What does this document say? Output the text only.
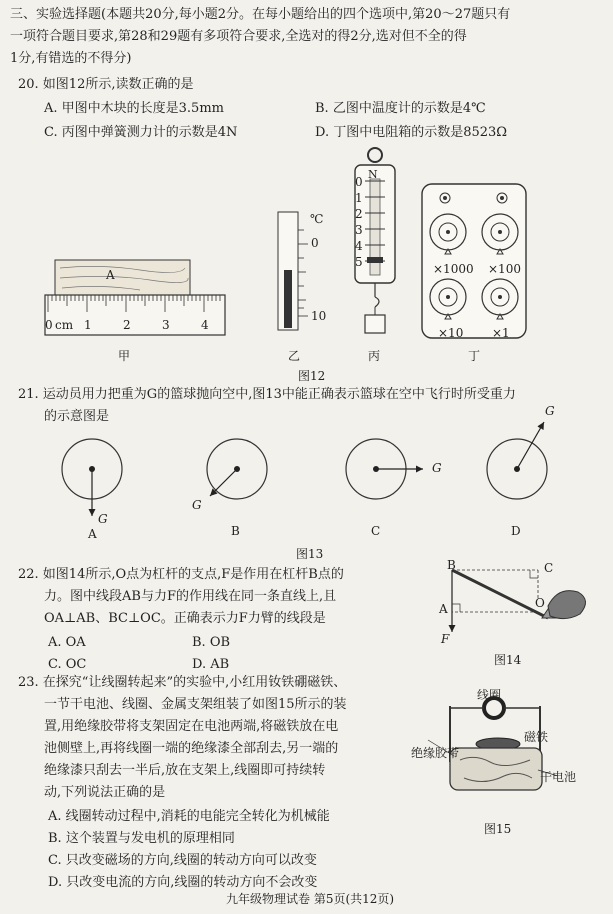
三、实验选择题(本题共20分,每小题2分。在每小题给出的四个选项中,第20～27题只有
一项符合题目要求,第28和29题有多项符合要求,全选对的得2分,选对但不全的得
1分,有错选的不得分)
20. 如图12所示,读数正确的是
A. 甲图中木块的长度是3.5mm	B. 乙图中温度计的示数是4℃
C. 丙图中弹簧测力计的示数是4N	D. 丁图中电阻箱的示数是8523Ω
A
0 cm 1	2	3	4
甲
℃
0
10
乙
N
0
1
2
3
4
5
丙
×1000 ×100
×10 ×1
丁
图12
21. 运动员用力把重为G的篮球抛向空中,图13中能正确表示篮球在空中飞行时所受重力
的示意图是
G
G
G
G
A	B	C	D
图13
22. 如图14所示,O点为杠杆的支点,F是作用在杠杆B点的
力。图中线段AB与力F的作用线在同一条直线上,且
OA⊥AB、BC⊥OC。正确表示力F力臂的线段是
A. OA	B. OB
C. OC	D. AB
B	C
A	O
F
图14
23. 在探究“让线圈转起来”的实验中,小红用钕铁硼磁铁、
一节干电池、线圈、金属支架组装了如图15所示的装
置,用绝缘胶带将支架固定在电池两端,将磁铁放在电
池侧壁上,再将线圈一端的绝缘漆全部刮去,另一端的
绝缘漆只刮去一半后,放在支架上,线圈即可持续转
动,下列说法正确的是
A. 线圈转动过程中,消耗的电能完全转化为机械能
B. 这个装置与发电机的原理相同
C. 只改变磁场的方向,线圈的转动方向可以改变
D. 只改变电流的方向,线圈的转动方向不会改变
线圈
磁铁
绝缘胶带
干电池
图15
九年级物理试卷 第5页(共12页)
